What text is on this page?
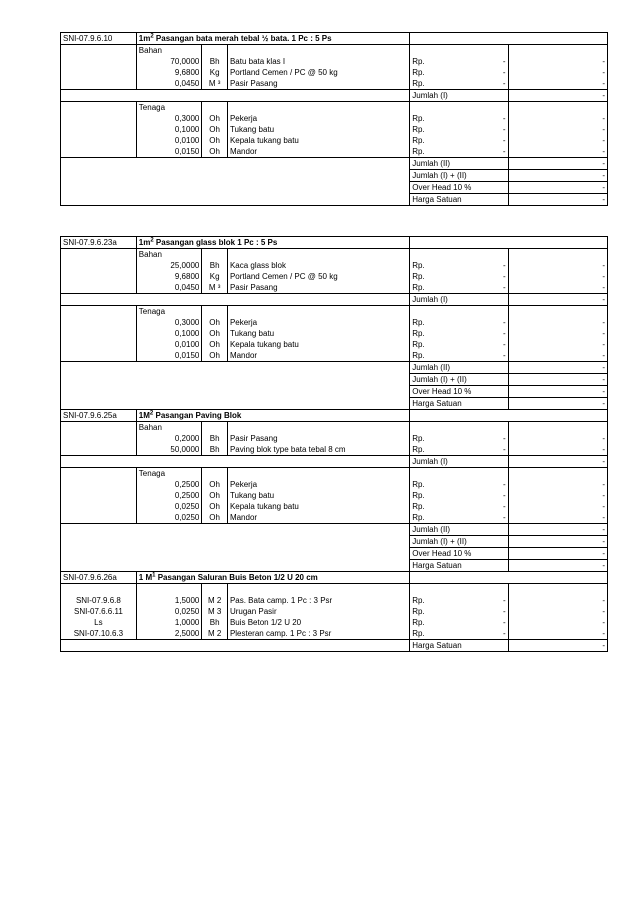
SNI-07.9.6.10	$1m^2$ Pasangan bata merah tebal ½ bata. 1 Pc : 5 Ps				
	Bahan				
	70,0000	Bh	Batu bata klas I	Rp. -	-
	9,6800	Kg	Portland Cemen / PC @ 50 kg	Rp. -	-
	0,0450	M ³	Pasir Pasang	Rp. -	-
				Jumlah (I)	-
	Tenaga				
	0,3000	Oh	Pekerja	Rp. -	-
	0,1000	Oh	Tukang batu	Rp. -	-
	0,0100	Oh	Kepala tukang batu	Rp. -	-
	0,0150	Oh	Mandor	Rp. -	-
				Jumlah (II)	-
				Jumlah (I) + (II)	-
				Over Head 10 %	-
				Harga Satuan	-

SNI-07.9.6.23a	$1m^2$ Pasangan glass blok 1 Pc : 5 Ps				
	Bahan				
	25,0000	Bh	Kaca glass blok	Rp. -	-
	9,6800	Kg	Portland Cemen / PC @ 50 kg	Rp. -	-
	0,0450	M ³	Pasir Pasang	Rp. -	-
				Jumlah (I)	-
	Tenaga				
	0,3000	Oh	Pekerja	Rp. -	-
	0,1000	Oh	Tukang batu	Rp. -	-
	0,0100	Oh	Kepala tukang batu	Rp. -	-
	0,0150	Oh	Mandor	Rp. -	-
				Jumlah (II)	-
				Jumlah (I) + (II)	-
				Over Head 10 %	-
				Harga Satuan	-
SNI-07.9.6.25a	$1M^2$ Pasangan Paving Blok				
	Bahan				
	0,2000	Bh	Pasir Pasang	Rp. -	-
	50,0000	Bh	Paving blok type bata tebal 8 cm	Rp. -	-
				Jumlah (I)	-
	Tenaga				
	0,2500	Oh	Pekerja	Rp. -	-
	0,2500	Oh	Tukang batu	Rp. -	-
	0,0250	Oh	Kepala tukang batu	Rp. -	-
	0,0250	Oh	Mandor	Rp. -	-
				Jumlah (II)	-
				Jumlah (I) + (II)	-
				Over Head 10 %	-
				Harga Satuan	-
SNI-07.9.6.26a	1 $M^1$ Pasangan Saluran Buis Beton 1/2 U 20 cm				

SNI-07.9.6.8	1,5000	M 2	Pas. Bata camp. 1 Pc : 3 Psr	Rp. -	-
SNI-07.6.6.11	0,0250	M 3	Urugan Pasir	Rp. -	-
Ls	1,0000	Bh	Buis Beton 1/2 U 20	Rp. -	-
SNI-07.10.6.3	2,5000	M 2	Plesteran camp. 1 Pc : 3 Psr	Rp. -	-
				Harga Satuan	-
